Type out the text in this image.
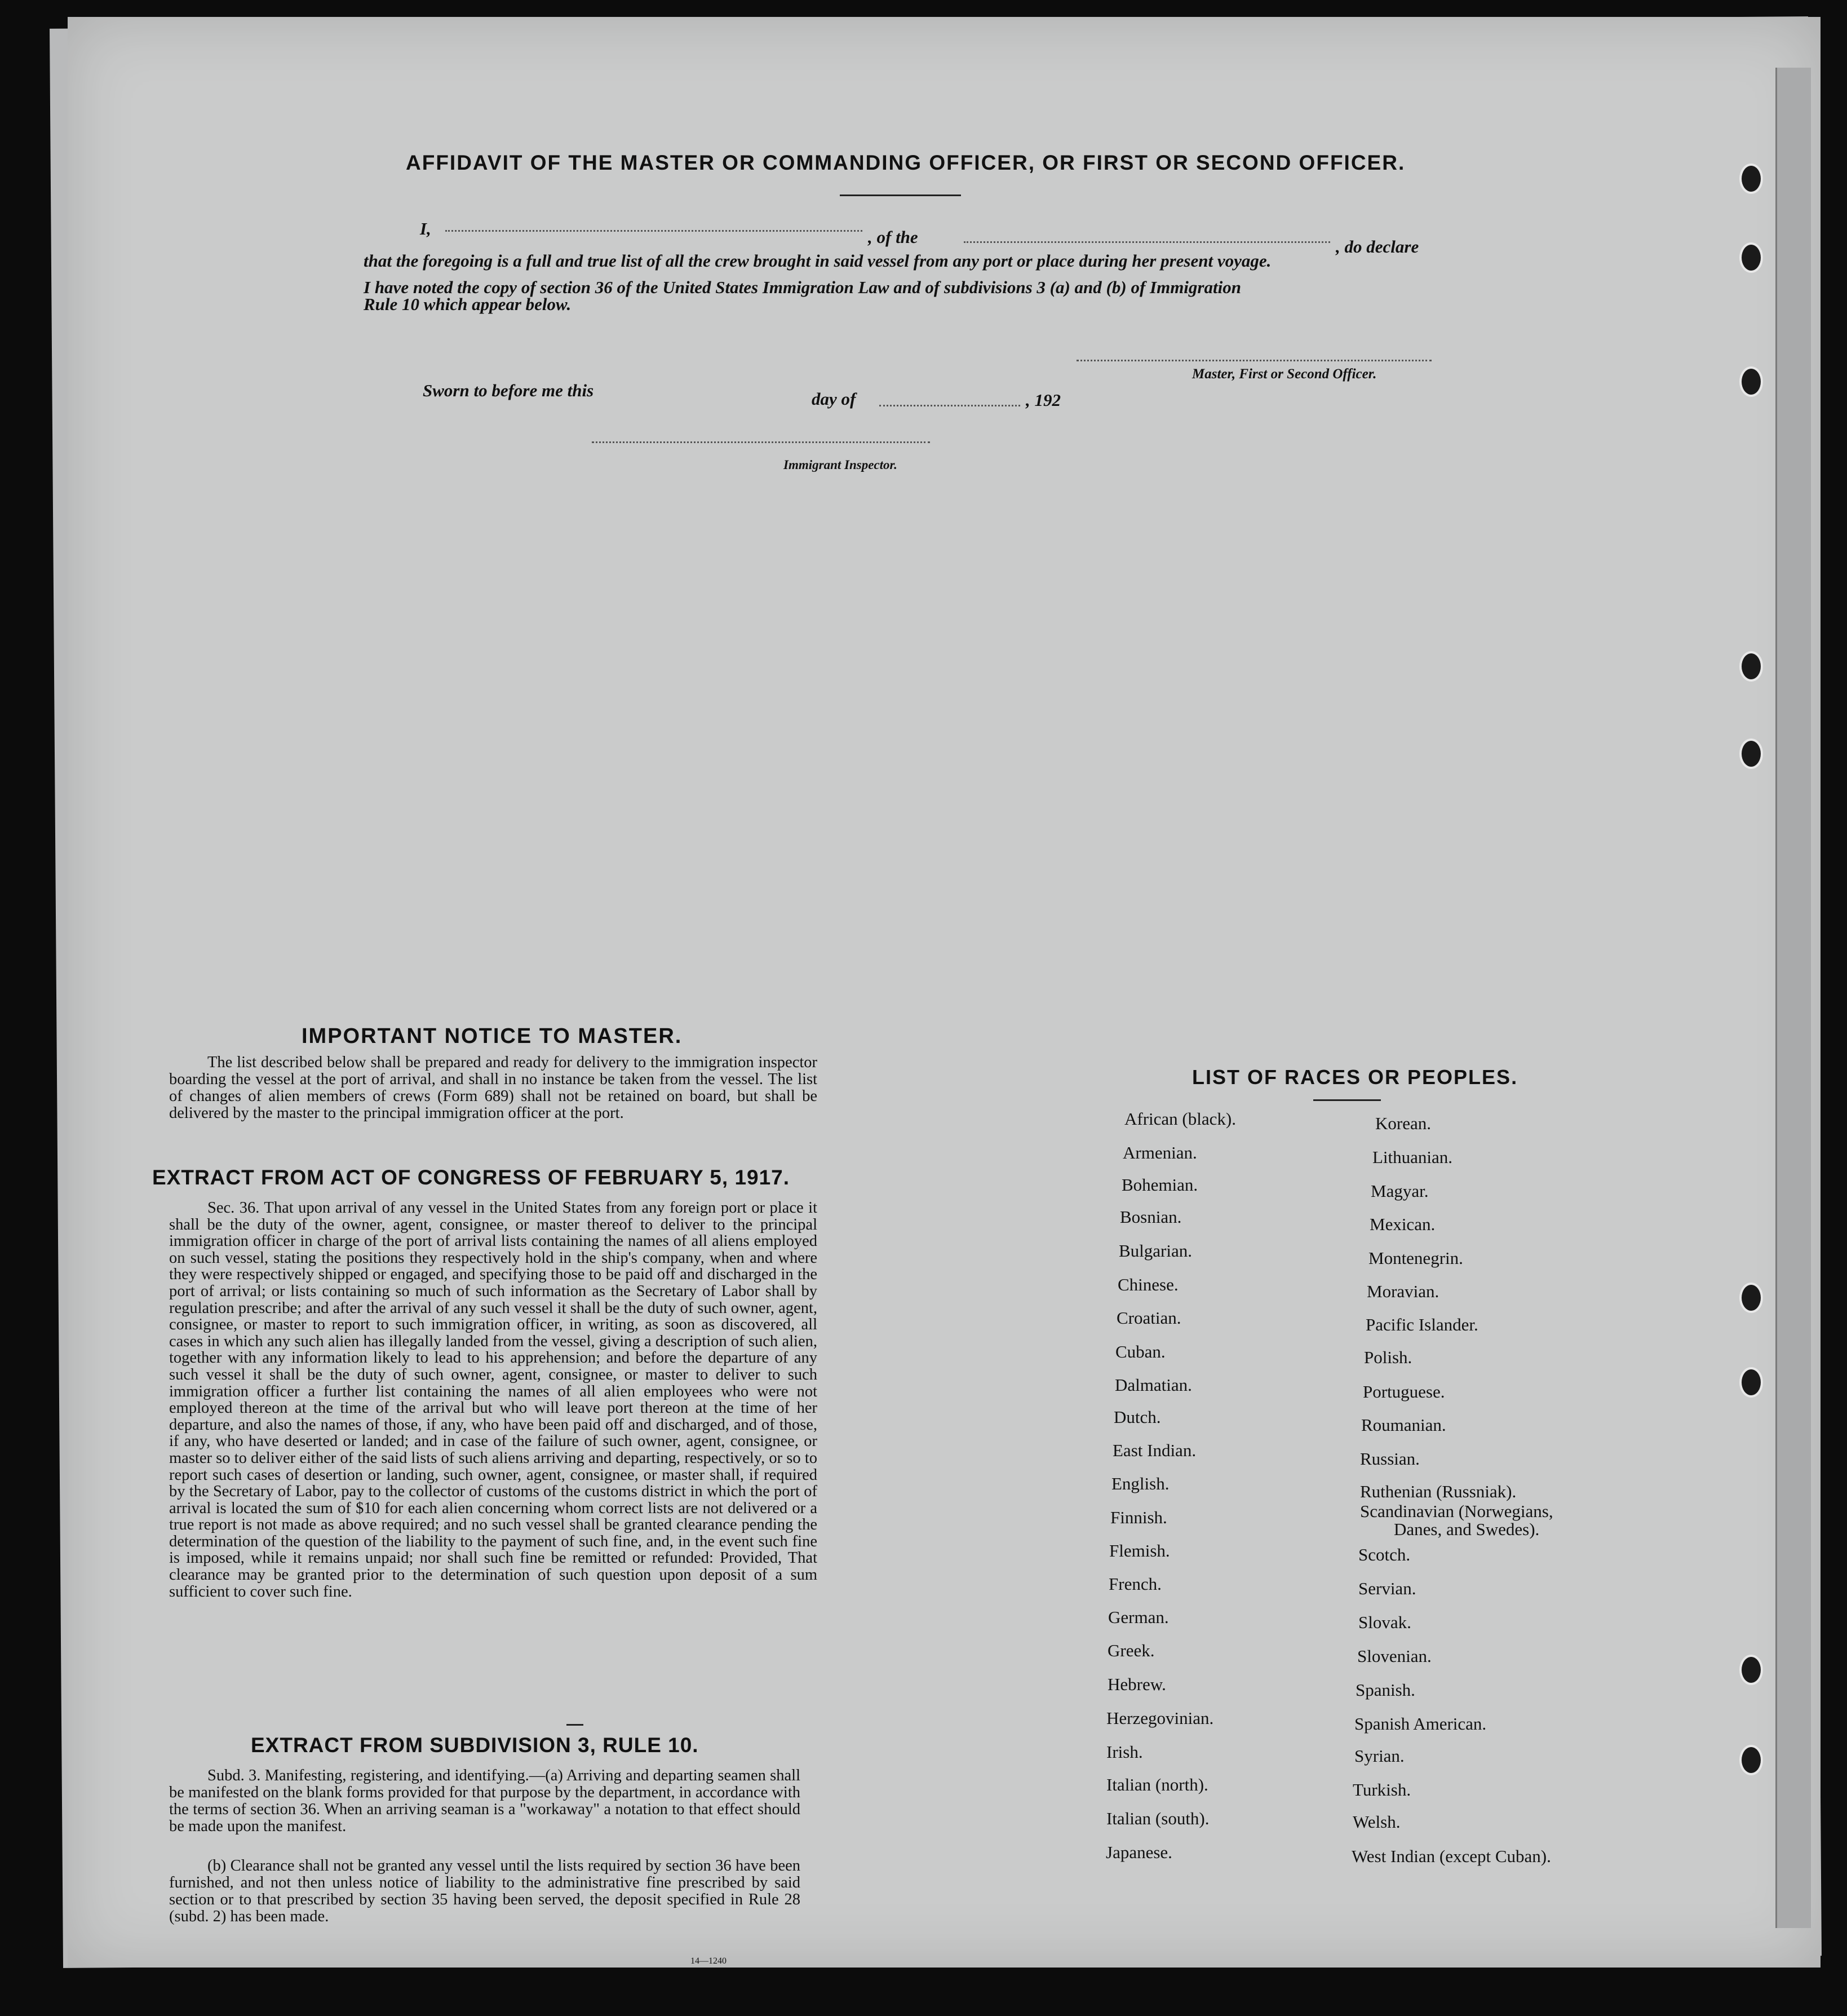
AFFIDAVIT OF THE MASTER OR COMMANDING OFFICER, OR FIRST OR SECOND OFFICER.
I,	, of the	, do declare
that the foregoing is a full and true list of all the crew brought in said vessel from any port or place during her present voyage.
I have noted the copy of section 36 of the United States Immigration Law and of subdivisions 3 (a) and (b) of Immigration
Rule 10 which appear below.
Master, First or Second Officer.
Sworn to before me this	day of	, 192
Immigrant Inspector.
IMPORTANT NOTICE TO MASTER.
The list described below shall be prepared and ready for delivery to the immigration inspector boarding the vessel at the port of arrival, and shall in no instance be taken from the vessel. The list of changes of alien members of crews (Form 689) shall not be retained on board, but shall be delivered by the master to the principal immigration officer at the port.
EXTRACT FROM ACT OF CONGRESS OF FEBRUARY 5, 1917.
Sec. 36. That upon arrival of any vessel in the United States from any foreign port or place it shall be the duty of the owner, agent, consignee, or master thereof to deliver to the principal immigration officer in charge of the port of arrival lists containing the names of all aliens employed on such vessel, stating the positions they respectively hold in the ship's company, when and where they were respectively shipped or engaged, and specifying those to be paid off and discharged in the port of arrival; or lists containing so much of such information as the Secretary of Labor shall by regulation prescribe; and after the arrival of any such vessel it shall be the duty of such owner, agent, consignee, or master to report to such immigration officer, in writing, as soon as discovered, all cases in which any such alien has illegally landed from the vessel, giving a description of such alien, together with any information likely to lead to his apprehension; and before the departure of any such vessel it shall be the duty of such owner, agent, consignee, or master to deliver to such immigration officer a further list containing the names of all alien employees who were not employed thereon at the time of the arrival but who will leave port thereon at the time of her departure, and also the names of those, if any, who have been paid off and discharged, and of those, if any, who have deserted or landed; and in case of the failure of such owner, agent, consignee, or master so to deliver either of the said lists of such aliens arriving and departing, respectively, or so to report such cases of desertion or landing, such owner, agent, consignee, or master shall, if required by the Secretary of Labor, pay to the collector of customs of the customs district in which the port of arrival is located the sum of $10 for each alien concerning whom correct lists are not delivered or a true report is not made as above required; and no such vessel shall be granted clearance pending the determination of the question of the liability to the payment of such fine, and, in the event such fine is imposed, while it remains unpaid; nor shall such fine be remitted or refunded: Provided, That clearance may be granted prior to the determination of such question upon deposit of a sum sufficient to cover such fine.
EXTRACT FROM SUBDIVISION 3, RULE 10.
Subd. 3. Manifesting, registering, and identifying.—(a) Arriving and departing seamen shall be manifested on the blank forms provided for that purpose by the department, in accordance with the terms of section 36. When an arriving seaman is a "workaway" a notation to that effect should be made upon the manifest.
(b) Clearance shall not be granted any vessel until the lists required by section 36 have been furnished, and not then unless notice of liability to the administrative fine prescribed by said section or to that prescribed by section 35 having been served, the deposit specified in Rule 28 (subd. 2) has been made.
14—1240
LIST OF RACES OR PEOPLES.
African (black).
Armenian.
Bohemian.
Bosnian.
Bulgarian.
Chinese.
Croatian.
Cuban.
Dalmatian.
Dutch.
East Indian.
English.
Finnish.
Flemish.
French.
German.
Greek.
Hebrew.
Herzegovinian.
Irish.
Italian (north).
Italian (south).
Japanese.
Korean.
Lithuanian.
Magyar.
Mexican.
Montenegrin.
Moravian.
Pacific Islander.
Polish.
Portuguese.
Roumanian.
Russian.
Ruthenian (Russniak).
Scandinavian (Norwegians,
Danes, and Swedes).
Scotch.
Servian.
Slovak.
Slovenian.
Spanish.
Spanish American.
Syrian.
Turkish.
Welsh.
West Indian (except Cuban).
